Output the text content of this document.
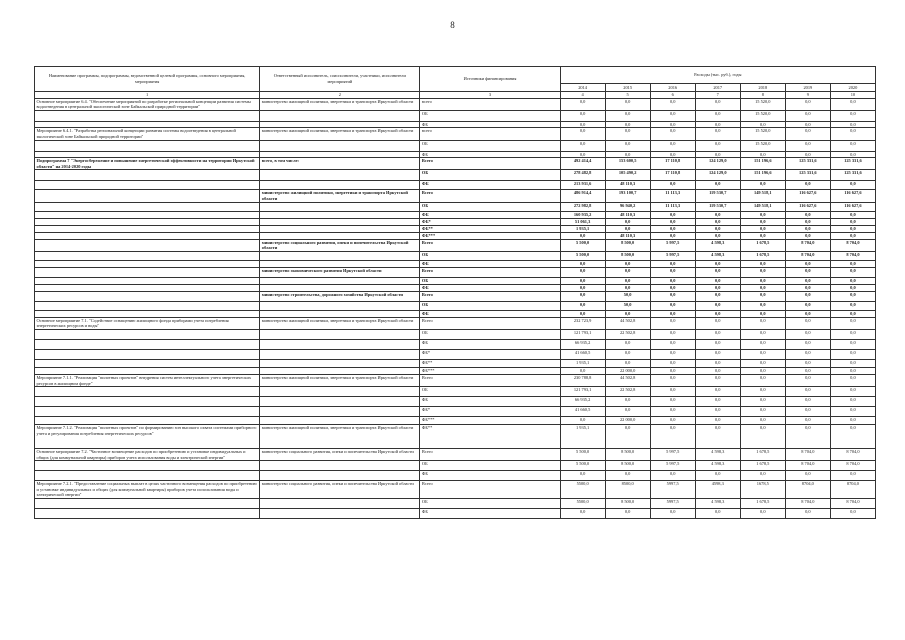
8
Наименование программы, подпрограммы, ведомственной целевой программы, основного мероприятия, мероприятия	Ответственный исполнитель, соисполнители, участники, исполнители мероприятий	Источники финансирования	Расходы (тыс. руб.), годы						
			2014	2015	2016	2017	2018	2019	2020
1	2	3	4	5	6	7	8	9	10
Основное мероприятие 6.4. "Обеспечение мероприятий по разработке региональной концепции развития системы водоотведения в центральной экологической зоне Байкальской природной территории"	министерство жилищной политики, энергетики и транспорта Иркутской области	всего	0,0	0,0	0,0	0,0	15 520,0	0,0	0,0
		ОБ	0,0	0,0	0,0	0,0	15 520,0	0,0	0,0
		ФБ	0,0	0,0	0,0	0,0	0,0	0,0	0,0
Мероприятие 6.4.1. "Разработка региональной концепции развития системы водоотведения в центральной экологической зоне Байкальской природной территории"	министерство жилищной политики, энергетики и транспорта Иркутской области	всего	0,0	0,0	0,0	0,0	15 520,0	0,0	0,0
		ОБ	0,0	0,0	0,0	0,0	15 520,0	0,0	0,0
		ФБ	0,0	0,0	0,0	0,0	0,0	0,0	0,0
Подпрограмма 7 "Энергосбережение и повышение энергетической эффективности на территории Иркутской области" на 2014-2020 годы	всего, в том числе:	Всего	492 414,4	153 600,5	17 110,8	124 129,0	151 196,6	125 331,6	125 331,6
		ОБ	278 482,8	105 490,2	17 110,8	124 129,0	151 196,6	125 331,6	125 331,6
		ФБ	213 931,6	48 110,3	0,0	0,0	0,0	0,0	0,0
	министерство жилищной политики, энергетики и транспорта Иркутской области	Всего	486 914,4	193 100,7	11 113,3	119 530,7	149 518,1	116 627,6	116 627,6
		ОБ	272 982,8	96 940,2	11 113,3	119 530,7	149 518,1	116 627,6	116 627,6
		ФБ	160 935,2	48 110,3	0,0	0,0	0,0	0,0	0,0
		ФБ*	51 061,3	0,0	0,0	0,0	0,0	0,0	0,0
		ФБ**	1 935,1	0,0	0,0	0,0	0,0	0,0	0,0
		ФБ***	0,0	48 110,3	0,0	0,0	0,0	0,0	0,0
	министерство социального развития, опеки и попечительства Иркутской области	Всего	5 500,0	8 500,0	5 997,5	4 598,3	1 678,5	8 704,0	8 704,0
		ОБ	5 500,0	8 500,0	5 997,5	4 598,3	1 678,5	8 704,0	8 704,0
		ФБ	0,0	0,0	0,0	0,0	0,0	0,0	0,0
	министерство экономического развития Иркутской области	Всего	0,0	0,0	0,0	0,0	0,0	0,0	0,0
		ОБ	0,0	0,0	0,0	0,0	0,0	0,0	0,0
		ФБ	0,0	0,0	0,0	0,0	0,0	0,0	0,0
	министерство строительства, дорожного хозяйства Иркутской области	Всего	0,0	50,0	0,0	0,0	0,0	0,0	0,0
		ОБ	0,0	50,0	0,0	0,0	0,0	0,0	0,0
		ФБ	0,0	0,0	0,0	0,0	0,0	0,0	0,0
Основное мероприятие 7.1. "Содействие оснащению жилищного фонда приборами учета потребления энергетических ресурсов и воды"	министерство жилищной политики, энергетики и транспорта Иркутской области	Всего	232 723,9	44 502,8	0,0	0,0	0,0	0,0	0,0
		ОБ	121 793,1	22 502,8	0,0	0,0	0,0	0,0	0,0
		ФБ	66 935,2	0,0	0,0	0,0	0,0	0,0	0,0
		ФБ*	41 660,5	0,0	0,0	0,0	0,0	0,0	0,0
		ФБ**	1 935,1	0,0	0,0	0,0	0,0	0,0	0,0
		ФБ***	0,0	22 000,0	0,0	0,0	0,0	0,0	0,0
Мероприятие 7.1.1. "Реализация "пилотных проектов" внедрения систем интеллектуального учета энергетических ресурсов в жилищном фонде"	министерство жилищной политики, энергетики и транспорта Иркутской области	Всего	230 788,8	44 502,8	0,0	0,0	0,0	0,0	0,0
		ОБ	121 793,1	22 502,8	0,0	0,0	0,0	0,0	0,0
		ФБ	66 935,2	0,0	0,0	0,0	0,0	0,0	0,0
		ФБ*	41 660,5	0,0	0,0	0,0	0,0	0,0	0,0
		ФБ***	0,0	22 000,0	0,0	0,0	0,0	0,0	0,0
Мероприятие 7.1.2. "Реализация "пилотных проектов" по формированию зон высокого охвата системами приборного учета и регулирования потребления энергетических ресурсов"	министерство жилищной политики, энергетики и транспорта Иркутской области	ФБ**	1 935,1	0,0	0,0	0,0	0,0	0,0	0,0
Основное мероприятие 7.2. "Частичное возмещение расходов по приобретению и установке индивидуальных и общих (для коммунальной квартиры) приборов учета использования воды и электрической энергии"	министерство социального развития, опеки и попечительства Иркутской области	Всего	5 500,0	8 500,0	5 997,5	4 598,3	1 678,5	8 704,0	8 704,0
		ОБ	5 500,0	8 500,0	5 997,5	4 598,3	1 678,5	8 704,0	8 704,0
		ФБ	0,0	0,0	0,0	0,0	0,0	0,0	0,0
Мероприятие 7.2.1. "Предоставление социальных выплат в целях частичного возмещения расходов по приобретению и установке индивидуальных и общих (для коммунальной квартиры) приборов учета использования воды и электрической энергии"	министерство социального развития, опеки и попечительства Иркутской области	Всего	5500,0	8500,0	5997,5	4598,3	1678,5	8704,0	8704,0
		ОБ	5500,0	8 500,0	5997,5	4 598,3	1 678,5	8 704,0	8 704,0
		ФБ	0,0	0,0	0,0	0,0	0,0	0,0	0,0
